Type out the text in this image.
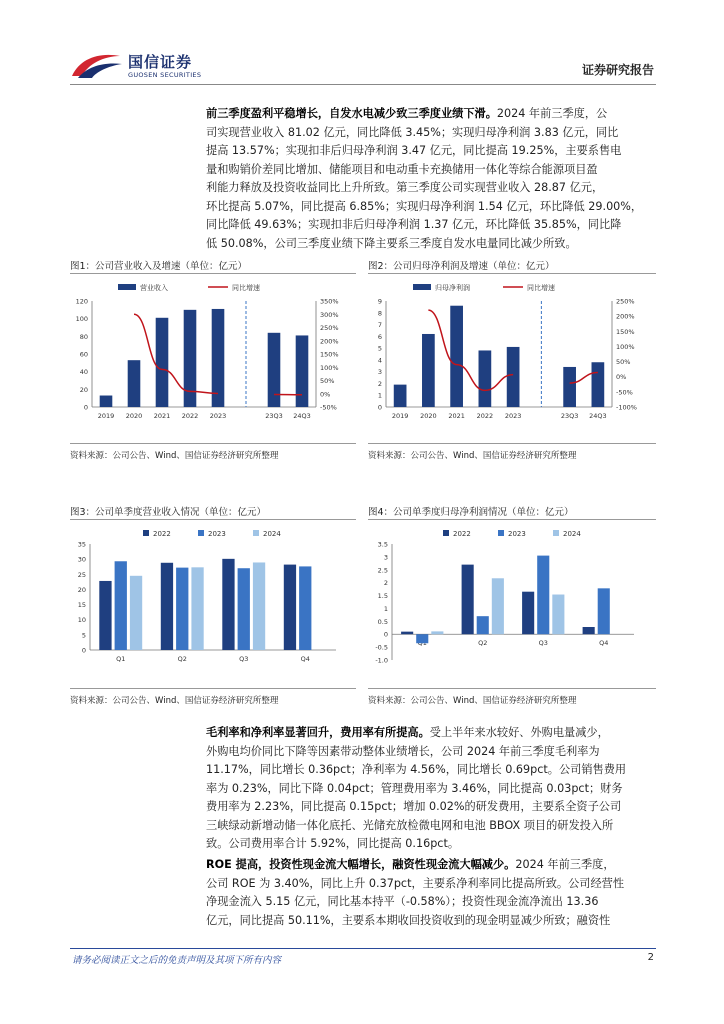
国信证券
GUOSEN SECURITIES	证券研究报告
前三季度盈利平稳增长，自发水电减少致三季度业绩下滑。2024 年前三季度，公
司实现营业收入 81.02 亿元，同比降低 3.45%；实现归母净利润 3.83 亿元，同比
提高 13.57%；实现扣非后归母净利润 3.47 亿元，同比提高 19.25%，主要系售电
量和购销价差同比增加、储能项目和电动重卡充换储用一体化等综合能源项目盈
利能力释放及投资收益同比上升所致。第三季度公司实现营业收入 28.87 亿元，
环比提高 5.07%，同比提高 6.85%；实现归母净利润 1.54 亿元，环比降低 29.00%，
同比降低 49.63%；实现扣非后归母净利润 1.37 亿元，环比降低 35.85%，同比降
低 50.08%，公司三季度业绩下降主要系三季度自发水电量同比减少所致。
图1：公司营业收入及增速（单位：亿元）
营业收入	同比增速
120
100
80
60
40
20
0
350%
300%
250%
200%
150%
100%
50%
0%
-50%
2019 2020 2021 2022 2023	23Q3 24Q3
资料来源：公司公告、Wind、国信证券经济研究所整理
图2：公司归母净利润及增速（单位：亿元）
归母净利润	同比增速
9
8
7
6
5
4
3
2
1
0
250%
200%
150%
100%
50%
0%
-50%
-100%
2019 2020 2021 2022 2023	23Q3 24Q3
资料来源：公司公告、Wind、国信证券经济研究所整理
图3：公司单季度营业收入情况（单位：亿元）
2022	2023	2024
35
30
25
20
15
10
5
0
Q1	Q2	Q3	Q4
资料来源：公司公告、Wind、国信证券经济研究所整理
图4：公司单季度归母净利润情况（单位：亿元）
2022	2023	2024
3.5
3
2.5
2
1.5
1
0.5
0
-0.5
-1.0
Q2	Q3	Q4
资料来源：公司公告、Wind、国信证券经济研究所整理
毛利率和净利率显著回升，费用率有所提高。受上半年来水较好、外购电量减少，
外购电均价同比下降等因素带动整体业绩增长，公司 2024 年前三季度毛利率为
11.17%，同比增长 0.36pct；净利率为 4.56%，同比增长 0.69pct。公司销售费用
率为 0.23%，同比下降 0.04pct；管理费用率为 3.46%，同比提高 0.03pct；财务
费用率为 2.23%，同比提高 0.15pct；增加 0.02%的研发费用，主要系全资子公司
三峡绿动新增动储一体化底托、光储充放检微电网和电池 BBOX 项目的研发投入所
致。公司费用率合计 5.92%，同比提高 0.16pct。
ROE 提高，投资性现金流大幅增长，融资性现金流大幅减少。2024 年前三季度，
公司 ROE 为 3.40%，同比上升 0.37pct，主要系净利率同比提高所致。公司经营性
净现金流入 5.15 亿元，同比基本持平（-0.58%）；投资性现金流净流出 13.36
亿元，同比提高 50.11%，主要系本期收回投资收到的现金明显减少所致；融资性
请务必阅读正文之后的免责声明及其项下所有内容	2
